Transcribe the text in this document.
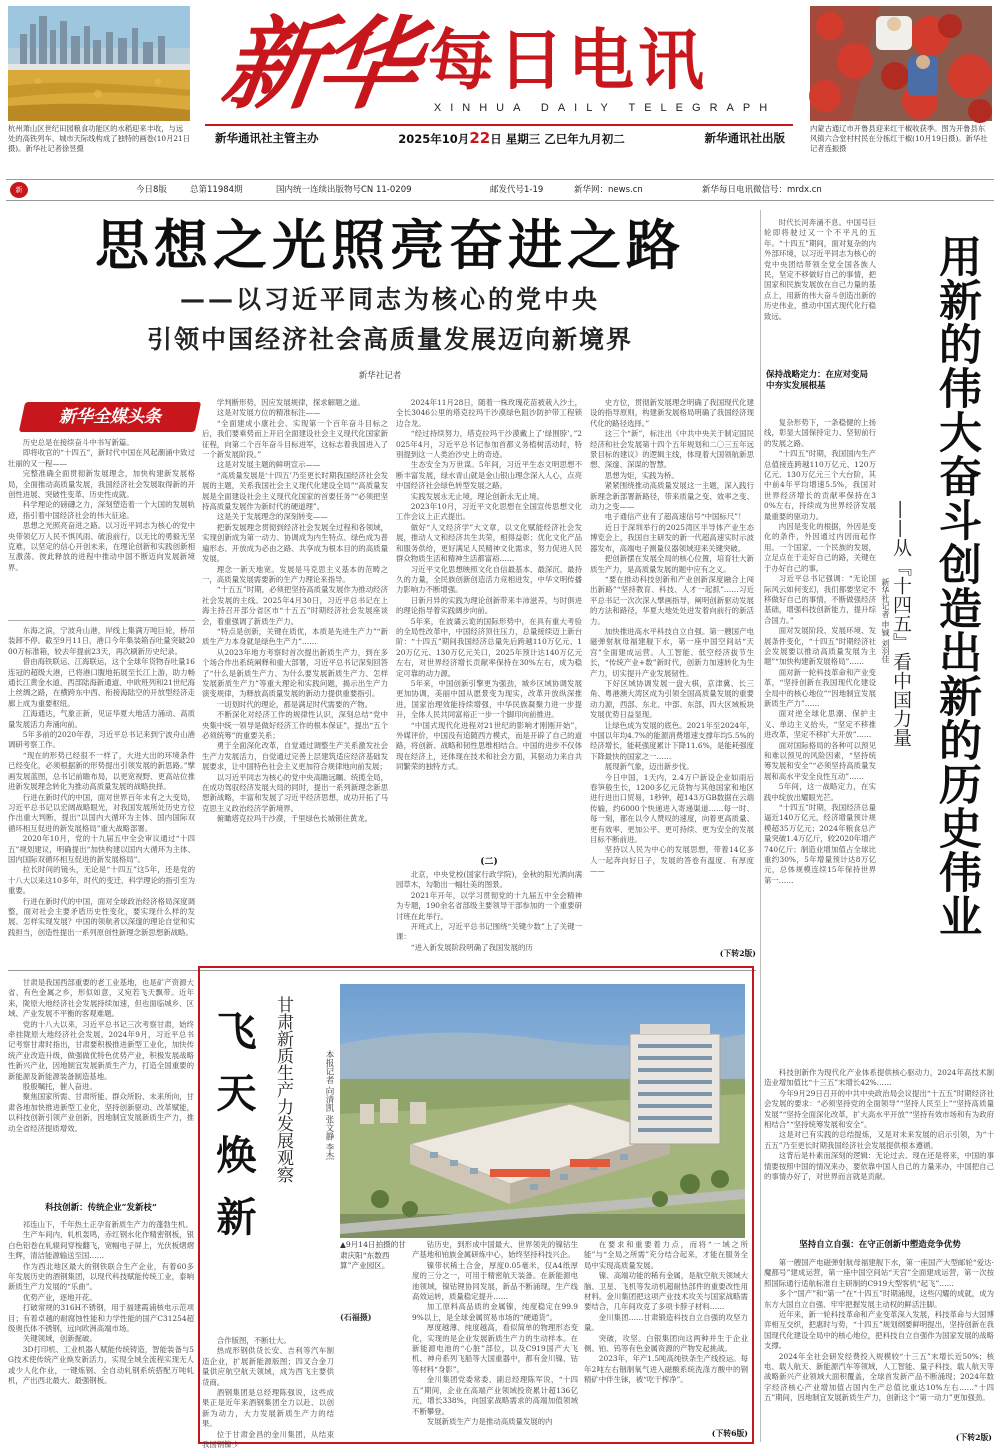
杭州萧山区世纪田园粮食功能区的水稻迎来丰收，与远处的高铁列车、城市天际线构成了独特的画卷(10月21日摄)。新华社记者徐昱摄
新华 每日电讯
XINHUA DAILY TELEGRAPH
新华通讯社主管主办	2025年10月22日 星期三 乙巳年九月初二	新华通讯社出版
内蒙古通辽市开鲁县迎来红干椒收获季。图为开鲁县东风镇六合堂村村民在分拣红干椒(10月19日摄)。新华社记者连振摄
新	今日8版	总第11984期	国内统一连续出版物号CN 11-0209	邮发代号1-19	新华网：news.cn	新华每日电讯微信号：mrdx.cn
思想之光照亮奋进之路
——以习近平同志为核心的党中央
引领中国经济社会高质量发展迈向新境界
新华社记者
新华全媒头条

历史总是在接续奋斗中书写新篇。

即将收官的“十四五”，新时代中国在风起潮涌中致过壮丽的又一程——

完整准确全面贯彻新发展理念，加快构建新发展格局，全面推动高质量发展，我国经济社会发展取得新的开创性进展、突破性变革、历史性成就。

科学理论的磅礴之力，深刻塑造着一个大国的发展轨迹，指引着中国经济社会的伟大征途。

思想之光照亮奋进之路。以习近平同志为核心的党中央带领亿万人民不惧风雨、破浪前行，以无比的勇毅无坚克难，以坚定的信心开创未来，在理论创新和实践创新相互激荡、彼此释放的进程中推动中国不断迈向发展新境界。

东海之滨，宁波舟山港，岸线上集满万吨巨轮，桥吊装卸不停。截至9月11日，港口今年集装箱吞吐量突破2000万标准箱，较去年提前23天，再次刷新历史纪录。

借由海铁联运、江海联运，这个全球年货物吞吐量16连冠的超级大港，已将港口腹地拓展至长江上游，助力畅通长江黄金水道、西部陆海新通道、中欧班列和21世纪海上丝绸之路，在横跨东中西、衔接海陆空的开放型经济走廊上成为重要枢纽。

江海通达，气象正新，见证华夏大地活力涌动、高质量发展活力奔涌向前。

5年多前的2020年春，习近平总书记来到宁波舟山港调研考察工作。

“现在的形势已经很不一样了，大进大出的环境条件已经变化，必须根据新的形势提出引领发展的新思路。”擘画发展蓝图，总书记前瞻布局，以更宽视野、更高站位推进新发展理念转化为推动高质量发展的战略抉择。

行进在新时代的中国，面对世界百年未有之大变局，习近平总书记以宏阔战略眼光，对我国发展所处历史方位作出重大判断，提出“以国内大循环为主体、国内国际双循环相互促进的新发展格局”重大战略部署。

2020年10月，党的十九届五中全会审议通过“十四五”规划建议，明确提出“加快构建以国内大循环为主体、国内国际双循环相互促进的新发展格局”。

拉长时间的镜头，无论是“十四五”这5年，还是党的十八大以来这10多年，时代的变迁、科学理论的指引至为重要。

行进在新时代的中国，面对全球政治经济格局深度调整，面对社会主要矛盾历史性变化，要实现什么样的发展、怎样实现发展？中国的领航者以深邃的理论自觉和实践担当，创造性提出一系列原创性新理念新思想新战略。

学判断形势，因应发展规律，探求解题之道。

这是对发展方位的精准标注——

“全面建成小康社会、实现第一个百年奋斗目标之后，我们要乘势而上开启全面建设社会主义现代化国家新征程，向第二个百年奋斗目标进军，这标志着我国进入了一个新发展阶段。”

这是对发展主题的鲜明宣示——

“高质量发展是‘十四五’乃至更长时期我国经济社会发展的主题，关系我国社会主义现代化建设全局”“高质量发展是全面建设社会主义现代化国家的首要任务”“必须把坚持高质量发展作为新时代的硬道理”。

这是关于发展理念的深刻转变——

把新发展理念贯彻到经济社会发展全过程和各领域，实现创新成为第一动力、协调成为内生特点、绿色成为普遍形态、开放成为必由之路、共享成为根本目的的高质量发展。

理念一新天地宽。发展是马克思主义基本的范畴之一，高质量发展需要新的生产力理论来指导。

“十五五”时期，必须把坚持高质量发展作为推动经济社会发展的主线。2025年4月30日，习近平总书记在上海主持召开部分省区市“十五五”时期经济社会发展座谈会，着重强调了新质生产力。

“特点是创新，关键在质优，本质是先进生产力”“新质生产力本身就是绿色生产力”……

从2023年地方考察时首次提出新质生产力，到在多个场合作出系统阐释和重大部署，习近平总书记深刻回答了“什么是新质生产力、为什么要发展新质生产力、怎样发展新质生产力”等重大理论和实践问题，揭示出生产力演变规律，为释放高质量发展的新动力提供重要指引。

一切划时代的理论，都是满足时代需要的产物。

不断深化对经济工作的规律性认识，深刻总结“党中央集中统一领导是做好经济工作的根本保证”，提出“五个必须统筹”的重要关系；

勇于全面深化改革，自觉通过调整生产关系激发社会生产力发展活力，自觉通过完善上层建筑适应经济基础发展要求，让中国特色社会主义更加符合规律地向前发展；

以习近平同志为核心的党中央高瞻远瞩、统揽全局，在成功驾驭经济发展大局的同时，提出一系列新理念新思想新战略，丰富和发展了习近平经济思想，成功开拓了马克思主义政治经济学新境界。

俯瞰塔克拉玛干沙漠，千里绿色长城锁住黄龙。

2024年11月28日，随着一株玫瑰花苗被栽入沙土，全长3046公里的塔克拉玛干沙漠绿色阻沙防护带工程锁边合龙。

“经过持续努力，塔克拉玛干沙漠戴上了‘绿围脖’。”2025年4月，习近平总书记参加首都义务植树活动时，特别提到这一人类治沙史上的奇迹。

生态安全为万世谋。5年间，习近平生态文明思想不断丰富发展，绿水青山就是金山银山理念深入人心，点亮中国经济社会绿色转型发展之路。

实践发展永无止境，理论创新永无止境。

2023年10月，习近平文化思想在全国宣传思想文化工作会议上正式提出。

做好“人文经济学”大文章，以文化赋能经济社会发展，推动人文和经济共生共荣，相得益彰；优化文化产品和服务供给，更好满足人民精神文化需求，努力促进人民群众物质生活和精神生活都富裕……

习近平文化思想映照文化自信最基本、最深沉、最持久的力量，全民族创新创造活力竞相迸发，中华文明传播力影响力不断增强。

日新月异的实践为理论创新带来丰沛滋养，与时俱进的理论指导着实践阔步向前。

5年来，在波谲云诡的国际形势中，在具有重大考验的全局性改革中，中国经济顶住压力，总量接续迈上新台阶：“十四五”期间我国经济总量先后跨越110万亿元、120万亿元、130万亿元关口，2025年预计达140万亿元左右，对世界经济增长贡献率保持在30%左右，成为稳定可靠的动力源。

5年来，中国创新引擎更为强劲，城乡区域协调发展更加协调，美丽中国从愿景变为现实，改革开放纵深推进，国家治理效能持续增强，中华民族凝聚力进一步提升，全体人民共同富裕正一步一个脚印向前推进。

“中国式现代化进程对21世纪的影响才刚刚开始”，外媒评价，中国没有追随西方模式，而是开辟了自己的道路，将创新、战略和韧性思维相结合。中国的进步不仅体现在经济上，还体现在技术和社会方面，其驱动力来自共同繁荣的独特方式。

(二)

北京，中央党校(国家行政学院)，金秋的阳光洒向满园草木，勾勒出一幅壮美的图景。

2021年开年，以学习贯彻党的十九届五中全会精神为专题，190余名省部级主要领导干部参加的一个重要研讨班在此举行。

开班式上，习近平总书记围绕“关键少数”上了关键一课：

“进入新发展阶段明确了我国发展的历

史方位，贯彻新发展理念明确了我国现代化建设的指导原则，构建新发展格局明确了我国经济现代化的路径选择。”

这三个“新”，标注出《中共中央关于制定国民经济和社会发展第十四个五年规划和二〇三五年远景目标的建议》的逻辑主线，体现着大国领航新思想、深邃、深谋的智慧。

思想为炬，实践为桥。

紧紧围绕推动高质量发展这一主题，深入践行新理念新部署新路径，带来质量之变、效率之变、动力之变——

电子通信产业有了超高速信号“中国标尺”！

近日于深圳举行的2025湾区半导体产业生态博览会上，我国自主研发的新一代超高速实时示波器发布，高端电子测量仪器领域迎来关键突破。

把创新摆在发展全局的核心位置，培育壮大新质生产力，是高质量发展的题中应有之义。

“要在推动科技创新和产业创新深度融合上闯出新路”“坚持教育、科技、人才一起抓”……习近平总书记一次次深入擘画指导，阐明创新驱动发展的方法和路径，华夏大地处处迸发着向前行的新活力。

加快推进高水平科技自立自强。第一艘国产电磁弹射航母福建舰下水，第一座中国空间站“天宫”全面建成运营。人工智能、低空经济拔节生长，“传统产业+数”新时代，创新力加速转化为生产力，切实提升产业发展韧性。

下好区域协调发展一盘大棋，京津冀、长三角、粤港澳大湾区成为引领全国高质量发展的重要动力源，西部、东北、中部、东部，四大区域板块发展优势日益显现。

让绿色成为发展的底色。2021年至2024年，中国以年均4.7%的能源消费增速支撑年均5.5%的经济增长，能耗强度累计下降11.6%，是能耗强度下降最快的国家之一……

展现新气象，迈出新步伐。

今日中国，1天内，2.4万户新设企业如雨后春笋般生长，1200多亿元货物与其他国家和地区进行进出口贸易，1秒钟，超143万GB数据在云端传输，约6000个快递进入寄递渠道……每一时、每一刻，都在以令人赞叹的速度，向着更高质量、更有效率、更加公平、更可持续、更为安全的发展目标不断前进。

坚持以人民为中心的发展思想，带着14亿多人一起奔向好日子，发展的答卷有温度、有厚度——

(下转2版)

时代长河奔涌不息。中国号巨轮即将驶过又一个不平凡的五年。“十四五”期间，面对复杂的内外部环境，以习近平同志为核心的党中央团结带领全党全国各族人民，坚定不移做好自己的事情，把国家和民族发展放在自己力量的基点上，用新的伟大奋斗创造出新的历史伟业，推动中国式现代化行稳致远。	用新的伟大奋斗创造出新的历史伟业
——从『十四五』看中国力量
新华社记者 申铖 刘羽佳
保持战略定力：在应对变局中夯实发展根基

复杂形势下，一条稳健的上扬线，彰显大国保持定力、坚韧前行的发展之路。

“十四五”时期，我国国内生产总值接连跨越110万亿元、120万亿元、130万亿元三个大台阶，其中前4年平均增速5.5%，我国对世界经济增长的贡献率保持在30%左右，持续成为世界经济发展最重要的驱动力。

内因是变化的根据，外因是变化的条件，外因通过内因而起作用。一个国家、一个民族的发展，立足点在于走好自己的路，关键在于办好自己的事。

习近平总书记强调：“无论国际风云如何变幻，我们都要坚定不移做好自己的事情，不断做强经济基础，增强科技创新能力，提升综合国力。”

面对发展阶段、发展环境、发展条件变化，“十四五”时期经济社会发展要以推动高质量发展为主题”“加快构建新发展格局”……

面对新一轮科技革命和产业变革，“坚持创新在我国现代化建设全局中的核心地位”“因地制宜发展新质生产力”……

面对逆全球化思潮、保护主义、单边主义抬头，“坚定不移推进改革，坚定不移扩大开放”……

面对国际格局的各种可以预见和难以预见的风险因素，“坚持统筹发展和安全”“必须坚持高质量发展和高水平安全良性互动”……

5年间，这一战略定力，在实践中绽放出耀眼光芒。

“十四五”时期，我国经济总量逼近140万亿元，经济增量预计规模超35万亿元；2024年粮食总产量突破1.4万亿斤，较2020年增产740亿斤；制造业增加值占全球比重约30%，5年增量预计达8万亿元，总体规模连续15年保持世界第一……

科技创新作为现代化产业体系提供核心驱动力，2024年高技术制造业增加值比“十三五”末增长42%……

今年9月29日召开的中共中央政治局会议提出“十五五”时期经济社会发展的要求：“必须坚持党的全面领导”“坚持人民至上”“坚持高质量发展”“坚持全面深化改革，扩大高水平开放”“坚持有效市场和有为政府相结合”“坚持统筹发展和安全”。

这是对已有实践的总结提炼，又是对未来发展的启示引领，为“十五五”乃至更长时期我国经济社会发展提供根本遵循。

这背后是朴素而深刻的逻辑：无论过去、现在还是将来，中国的事情要按照中国的情况来办，要依靠中国人自己的力量来办，中国把自己的事情办好了，对世界而言就是贡献。

坚持自立自强：在守正创新中塑造竞争优势

第一艘国产电磁弹射航母福建舰下水，第一座国产大型邮轮“爱达·魔都号”建成运营，第一座中国空间站“天宫”全面建成运营，第一次按照国际通行适航标准自主研制的C919大型客机“起飞”……

多个“国产”和“第一”在“十四五”时期涌现，这些闪耀的成就，成为东方大国自立自强、牢牢把握发展主动权的鲜活注脚。

近年来，新一轮科技革命和产业变革深入发展，科技革命与大国博弈相互交织，把惠时与势，“十四五”规划纲要鲜明提出，坚持创新在我国现代化建设全局中的核心地位，把科技自立自强作为国家发展的战略支撑。

2024年全社会研发经费投入规模较“十三五”末增长近50%；核电、载人航天、新能源汽车等领域，人工智能、量子科技、载人航天等战略新兴产业领域大面积覆盖，全球首发新产品不断涌现；2024年数字经济核心产业增加值占国内生产总值比重达10%左右……“十四五”期间，因地制宜发展新质生产力，创新这个“第一动力”更加强劲。

(下转2版)

甘肃是我国西部重要的老工业基地，也是矿产资源大省、有色金属之乡，形似如意，又宛若飞天飘带。近年来，陇原大地经济社会发展持续加速，但也面临城乡、区域、产业发展不平衡的客观难题。

党的十八大以来，习近平总书记三次考察甘肃，始终牵挂陇原大地经济社会发展。2024年9月，习近平总书记考察甘肃时指出，甘肃要积极推进新型工业化，加快传统产业改造升级，做强做优特色优势产业，积极发展战略性新兴产业，因地制宜发展新质生产力，打造全国重要的新能源及新能源装备制造基地。

殷殷嘱托，催人奋进。

聚焦国家所需、甘肃所能、群众所盼、未来所向，甘肃各地加快推进新型工业化，坚持创新驱动、改革赋能，以科技创新引领产业创新，因地制宜发展新质生产力，推动全省经济提质增效。

科技创新：传统企业“发新枝”

祁连山下，千年热土正孕育新质生产力的蓬勃生机。

生产车间内，轧机轰鸣，赤红钢水化作精密钢板，银白色铝卷在轧辊间穿梭翻飞，宽幅电子屏上，光伏板熠熠生辉，清洁能源输送至国……

作为西北地区最大的钢铁联合生产企业，有着60多年发展历史的酒钢集团，以现代科技赋能传统工业，泰响新质生产力发展的“乐曲”。

优势产业，逐地开花。

打破常规的316H不锈钢，用于福建霞浦核电示范项目；有着卓越的耐腐蚀性能和力学性能的国产C31254超级奥氏体不锈钢，远向欧洲高端市场。

关键领域，创新掘破。

3D打印机、工业机器人赋能传统铸造，智能装备与5G技术使传统产业焕发新活力，实现全域全流程实现无人或少人化作业，一键炼钢、全自动轧钢系统搭配万吨轧机，产出西北最大、最强钢板。

飞天焕新 甘肃新质生产力发展观察	本报记者 向清凯 张文静 李杰
▲9月14日拍摄的甘肃庆阳“东数西算”产业园区。
(石福摄)

合作版图，不断壮大。

热成形钢供货长安、吉利等汽车制造企业，扩展新能源版图；四叉合金刀量供应航空航天领域，成为西飞主要供货商。

酒钢集团是总经理陈强说，这些成果正是近年来酒钢集团全力以赴、以创新为动力，大力发展新质生产力的结果。

位于甘肃金昌的金川集团，从结束我国钢镍少

钴历史，到形成中国最大、世界领先的镍钴生产基地和铂族金属研炼中心，始终坚持科技兴企。

镍带状稀土合金，厚度0.05毫米，仅A4纸厚度的三分之一，可用于精密航天装备。在新能源电池领域，镍钴锂协同发展，新品不断涌现，生产线高效运转，质量稳定提升……

加工原料高品质的金属镍，纯度稳定在99.99%以上，是全球金属贸易市场的“硬通货”。

厚度越薄、纯度越高，看似简单的物理形态变化，实现的是企业发展新质生产力的生动样本。在新能源电池的“心脏”部位，以及C919国产大飞机、神舟系列飞船等大国重器中，都有金川镍、钴等材料“身影”。

金川集团党委常委、副总经理陈军说，“十四五”期间，企业在高端产业领域投资累计超136亿元，增长338%，向国家战略需求的高端加值领域不断攀登。

发展新质生产力是推动高质量发展的内

在要求和重要着力点，而将“一域之所能”与“全局之所需”充分结合起来，才能在服务全局中实现高质量发展。

镍、高端功能的稀有金属，是航空航天领域大脑、卫星、飞机等发动机超耐热部件的重要改性用材料。金川集团把这项产业技术攻关与国家战略需要结合，几年间攻克了多项卡脖子材料……

金川集团……甘肃锻造科技自立自强的攻坚力量。

突破，攻坚。白银集团向这两种并生于企业侧、铂、钨等有色金属资源的产物发起挑战。

2023年，年产1.5吨高纯铁条生产线投运。每年2吨左右铟制氧气进入磁酸系统洗涤方酸中的钢精矿中伴生铼，被“吃干榨净”。

(下转6版)
